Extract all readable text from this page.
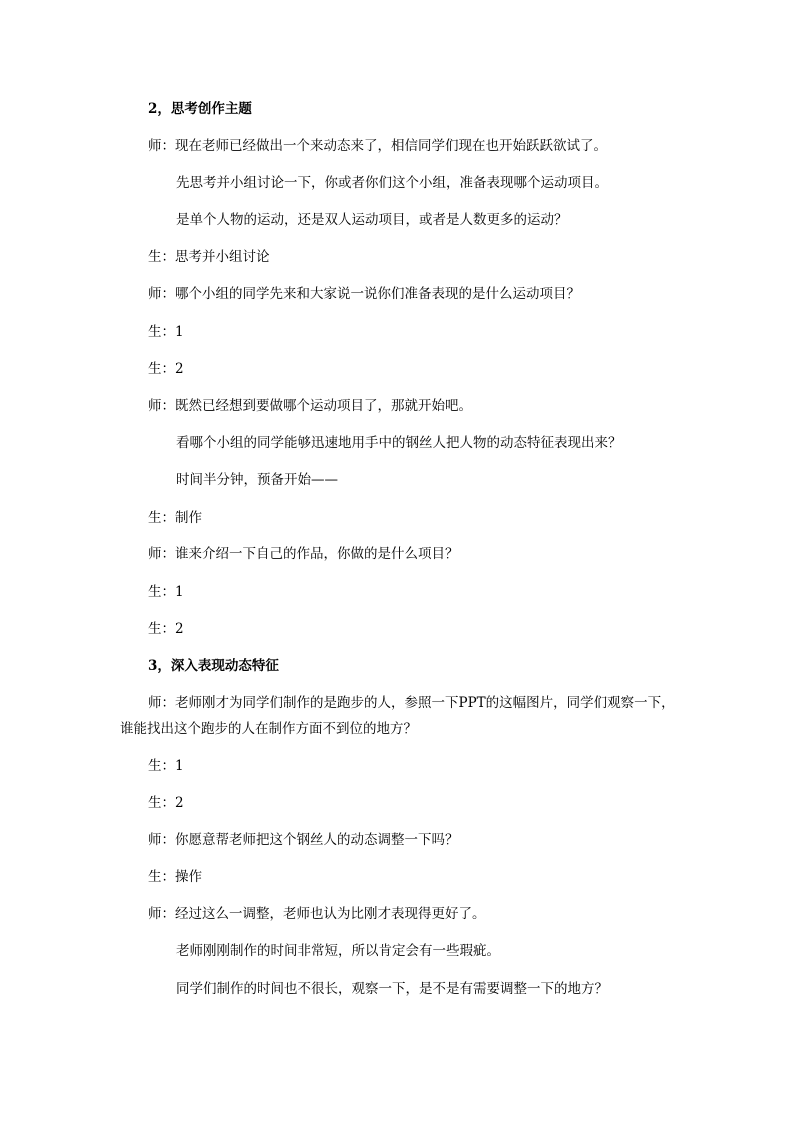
2，思考创作主题
师：现在老师已经做出一个来动态来了，相信同学们现在也开始跃跃欲试了。
先思考并小组讨论一下，你或者你们这个小组，准备表现哪个运动项目。
是单个人物的运动，还是双人运动项目，或者是人数更多的运动？
生：思考并小组讨论
师：哪个小组的同学先来和大家说一说你们准备表现的是什么运动项目？
生：1
生：2
师：既然已经想到要做哪个运动项目了，那就开始吧。
看哪个小组的同学能够迅速地用手中的钢丝人把人物的动态特征表现出来？
时间半分钟，预备开始——
生：制作
师：谁来介绍一下自己的作品，你做的是什么项目？
生：1
生：2
3，深入表现动态特征
师：老师刚才为同学们制作的是跑步的人，参照一下PPT的这幅图片，同学们观察一下，谁能找出这个跑步的人在制作方面不到位的地方？
生：1
生：2
师：你愿意帮老师把这个钢丝人的动态调整一下吗？
生：操作
师：经过这么一调整，老师也认为比刚才表现得更好了。
老师刚刚制作的时间非常短，所以肯定会有一些瑕疵。
同学们制作的时间也不很长，观察一下，是不是有需要调整一下的地方？
